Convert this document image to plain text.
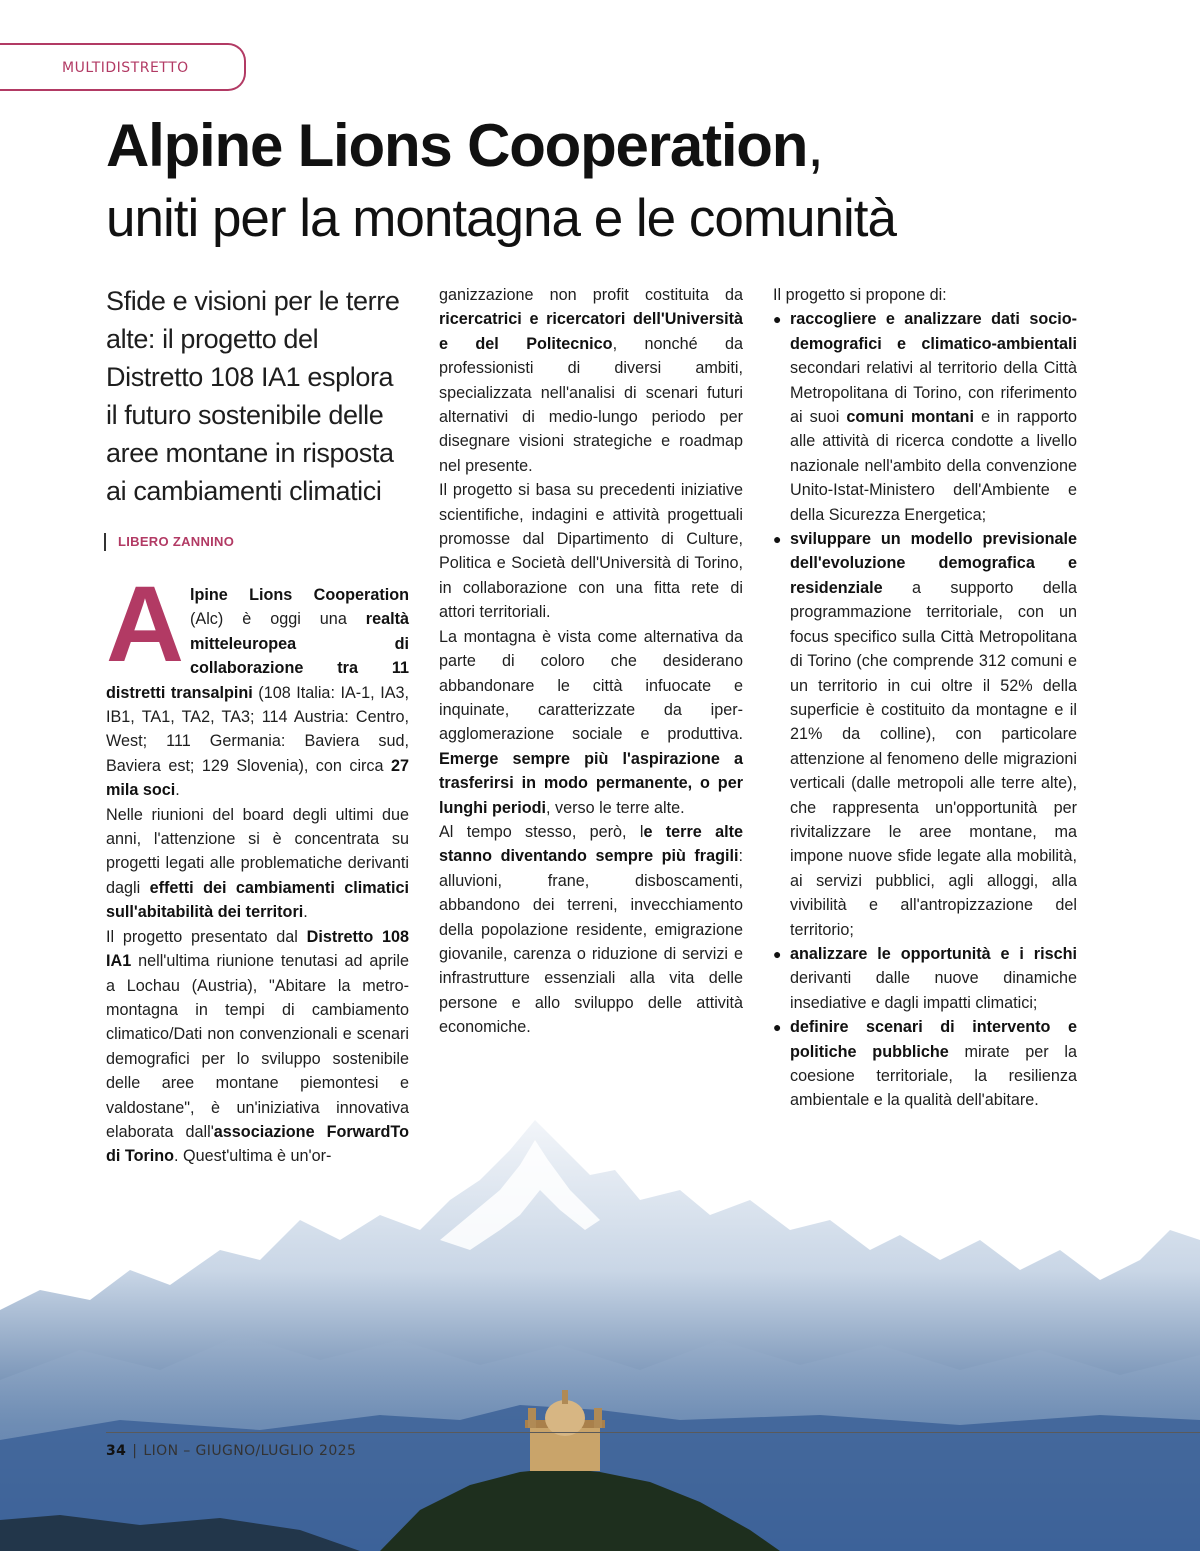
MULTIDISTRETTO
Alpine Lions Cooperation,
uniti per la montagna e le comunità
Sfide e visioni per le terre alte: il progetto del Distretto 108 IA1 esplora il futuro sostenibile delle aree montane in risposta ai cambiamenti climatici
LIBERO ZANNINO

Alpine Lions Cooperation (Alc) è oggi una realtà mitteleuropea di collaborazione tra 11 distretti transalpini (108 Italia: IA-1, IA3, IB1, TA1, TA2, TA3; 114 Austria: Centro, West; 111 Germania: Baviera sud, Baviera est; 129 Slovenia), con circa 27 mila soci.

Nelle riunioni del board degli ultimi due anni, l'attenzione si è concentrata su progetti legati alle problematiche derivanti dagli effetti dei cambiamenti climatici sull'abitabilità dei territori.

Il progetto presentato dal Distretto 108 IA1 nell'ultima riunione tenutasi ad aprile a Lochau (Austria), "Abitare la metro-montagna in tempi di cambiamento climatico/Dati non convenzionali e scenari demografici per lo sviluppo sostenibile delle aree montane piemontesi e valdostane", è un'iniziativa innovativa elaborata dall'associazione ForwardTo di Torino. Quest'ultima è un'or-

ganizzazione non profit costituita da ricercatrici e ricercatori dell'Università e del Politecnico, nonché da professionisti di diversi ambiti, specializzata nell'analisi di scenari futuri alternativi di medio-lungo periodo per disegnare visioni strategiche e roadmap nel presente.

Il progetto si basa su precedenti iniziative scientifiche, indagini e attività progettuali promosse dal Dipartimento di Culture, Politica e Società dell'Università di Torino, in collaborazione con una fitta rete di attori territoriali.

La montagna è vista come alternativa da parte di coloro che desiderano abbandonare le città infuocate e inquinate, caratterizzate da iper-agglomerazione sociale e produttiva. Emerge sempre più l'aspirazione a trasferirsi in modo permanente, o per lunghi periodi, verso le terre alte.

Al tempo stesso, però, le terre alte stanno diventando sempre più fragili: alluvioni, frane, disboscamenti, abbandono dei terreni, invecchiamento della popolazione residente, emigrazione giovanile, carenza o riduzione di servizi e infrastrutture essenziali alla vita delle persone e allo sviluppo delle attività economiche.

Il progetto si propone di:

● raccogliere e analizzare dati socio-demografici e climatico-ambientali secondari relativi al territorio della Città Metropolitana di Torino, con riferimento ai suoi comuni montani e in rapporto alle attività di ricerca condotte a livello nazionale nell'ambito della convenzione Unito-Istat-Ministero dell'Ambiente e della Sicurezza Energetica;
● sviluppare un modello previsionale dell'evoluzione demografica e residenziale a supporto della programmazione territoriale, con un focus specifico sulla Città Metropolitana di Torino (che comprende 312 comuni e un territorio in cui oltre il 52% della superficie è costituito da montagne e il 21% da colline), con particolare attenzione al fenomeno delle migrazioni verticali (dalle metropoli alle terre alte), che rappresenta un'opportunità per rivitalizzare le aree montane, ma impone nuove sfide legate alla mobilità, ai servizi pubblici, agli alloggi, alla vivibilità e all'antropizzazione del territorio;
● analizzare le opportunità e i rischi derivanti dalle nuove dinamiche insediative e dagli impatti climatici;
● definire scenari di intervento e politiche pubbliche mirate per la coesione territoriale, la resilienza ambientale e la qualità dell'abitare.
34 | LION – GIUGNO/LUGLIO 2025
